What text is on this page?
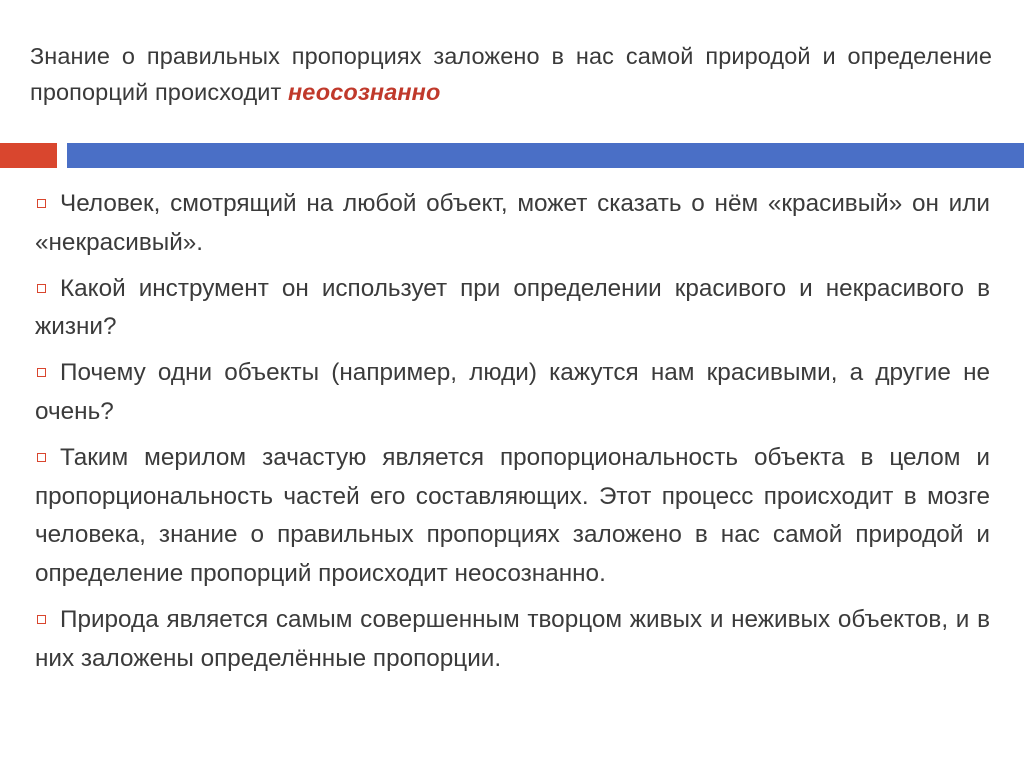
Знание о правильных пропорциях заложено в нас самой природой и определение пропорций происходит неосознанно
Человек, смотрящий на любой объект, может сказать о нём «красивый» он или «некрасивый».
Какой инструмент он использует при определении красивого и некрасивого в жизни?
Почему одни объекты (например, люди) кажутся нам красивыми, а другие не очень?
Таким мерилом зачастую является пропорциональность объекта в целом и пропорциональность частей его составляющих. Этот процесс происходит в мозге человека, знание о правильных пропорциях заложено в нас самой природой и определение пропорций происходит неосознанно.
Природа является самым совершенным творцом живых и неживых объектов, и в них заложены определённые пропорции.
